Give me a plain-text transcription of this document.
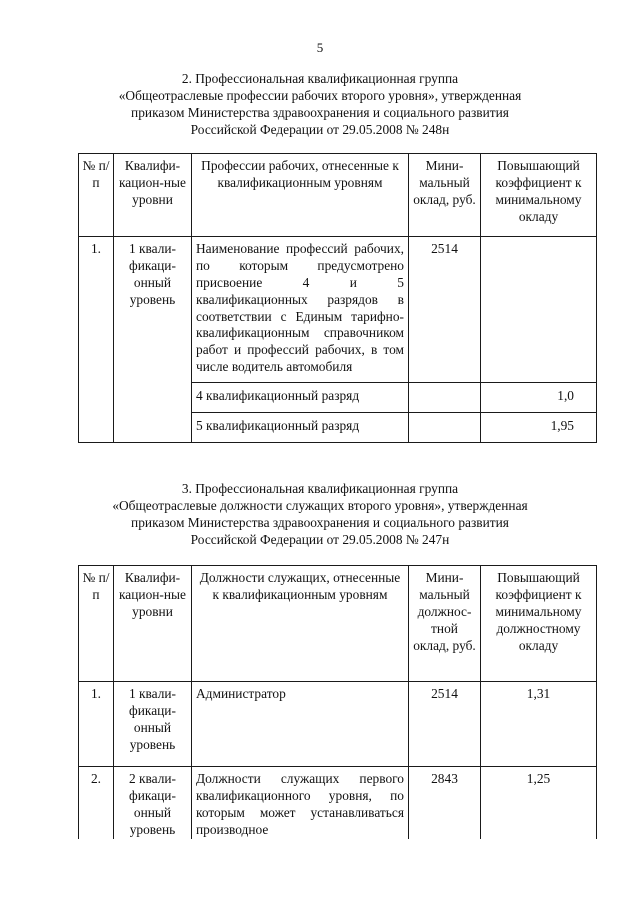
5
2. Профессиональная квалификационная группа
«Общеотраслевые профессии рабочих второго уровня», утвержденная
приказом Министерства здравоохранения и социального развития
Российской Федерации от 29.05.2008 № 248н
№ п/п	Квалифи-кацион-ные уровни	Профессии рабочих, отнесенные к квалификационным уровням	Мини-мальный оклад, руб.	Повышающий коэффициент к минимальному окладу
1.	1 квали-фикаци-онный уровень	Наименование профессий рабочих, по которым предусмотрено присвоение 4 и 5 квалификационных разрядов в соответствии с Единым тарифно-квалификационным справочником работ и профессий рабочих, в том числе водитель автомобиля	2514	
		4 квалификационный разряд		1,0
		5 квалификационный разряд		1,95
3. Профессиональная квалификационная группа
«Общеотраслевые должности служащих второго уровня», утвержденная
приказом Министерства здравоохранения и социального развития
Российской Федерации от 29.05.2008 № 247н
№ п/п	Квалифи-кацион-ные уровни	Должности служащих, отнесенные к квалификационным уровням	Мини-мальный должнос-тной оклад, руб.	Повышающий коэффициент к минимальному должностному окладу
1.	1 квали-фикаци-онный уровень	Администратор	2514	1,31
2.	2 квали-фикаци-онный уровень	Должности служащих первого квалификационного уровня, по которым может устанавливаться производное	2843	1,25
